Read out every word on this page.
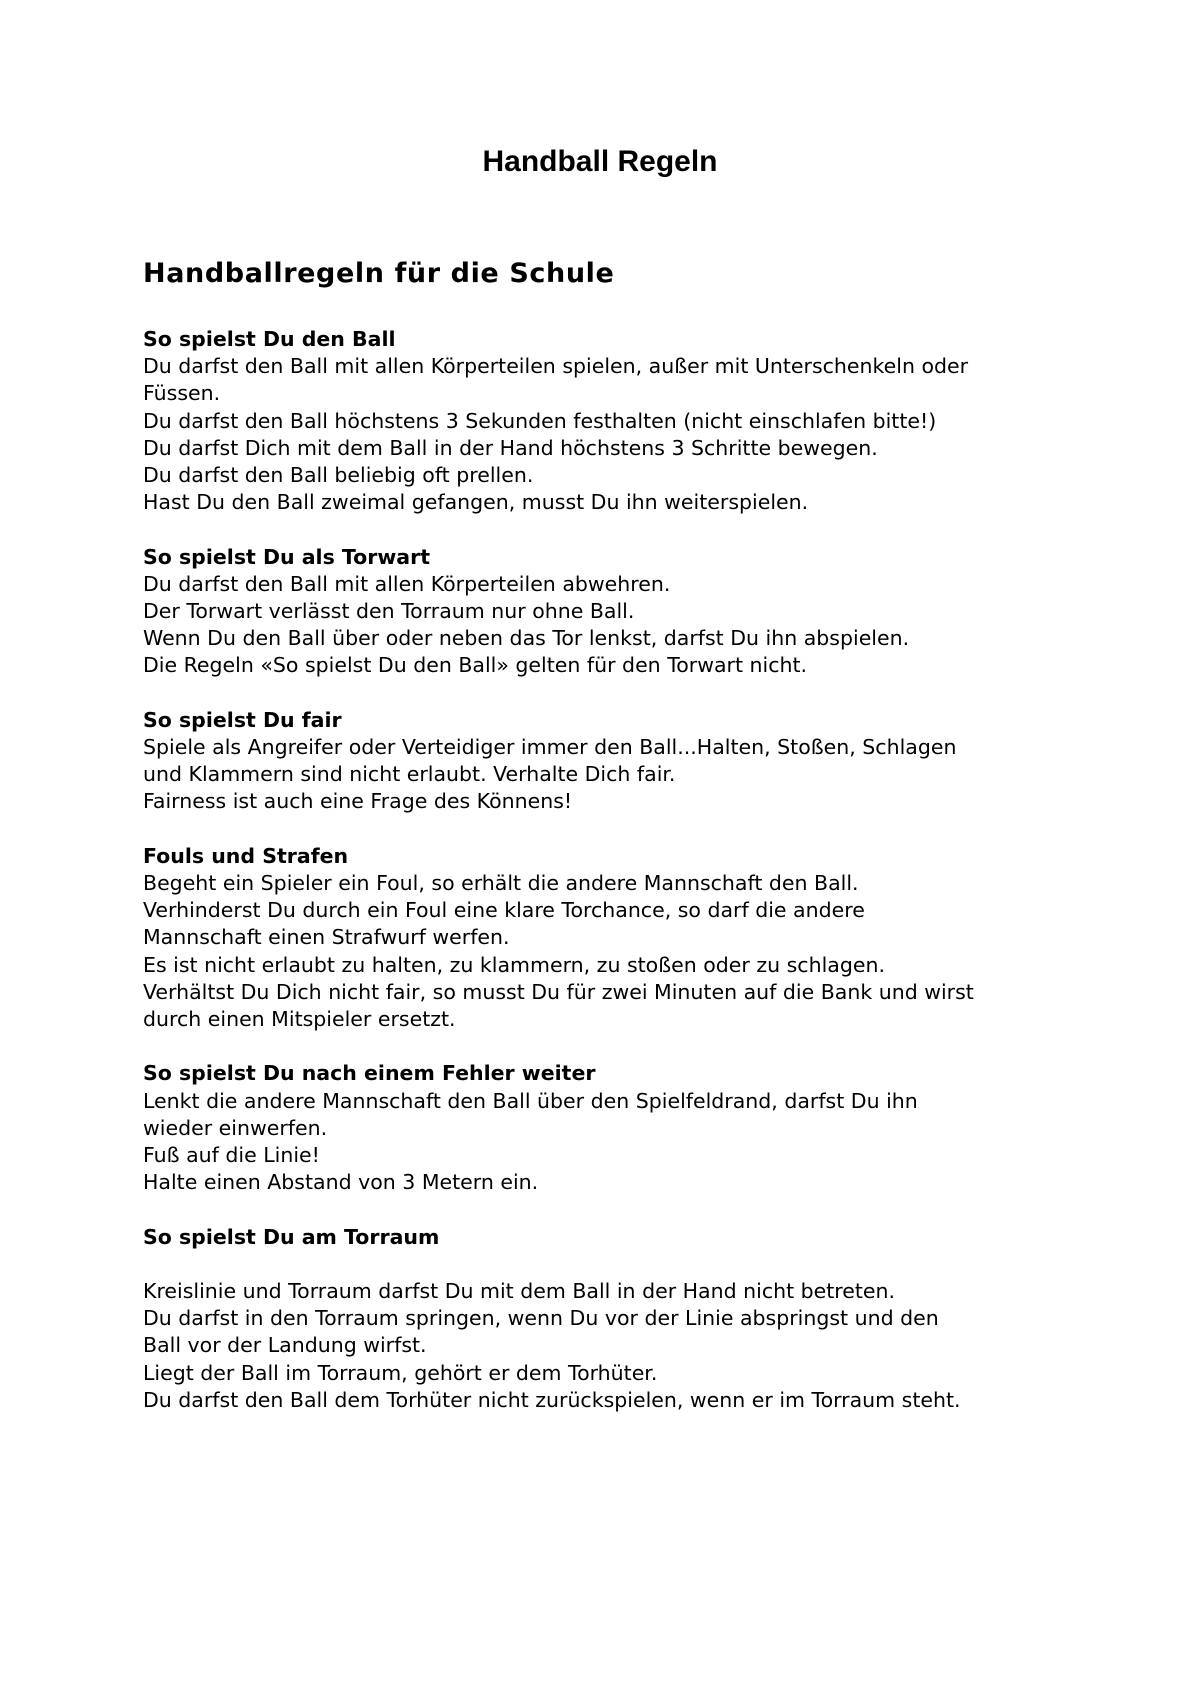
Handball Regeln
Handballregeln für die Schule

So spielst Du den Ball

Du darfst den Ball mit allen Körperteilen spielen, außer mit Unterschenkeln oder
Füssen.
Du darfst den Ball höchstens 3 Sekunden festhalten (nicht einschlafen bitte!)
Du darfst Dich mit dem Ball in der Hand höchstens 3 Schritte bewegen.
Du darfst den Ball beliebig oft prellen.
Hast Du den Ball zweimal gefangen, musst Du ihn weiterspielen.

So spielst Du als Torwart

Du darfst den Ball mit allen Körperteilen abwehren.
Der Torwart verlässt den Torraum nur ohne Ball.
Wenn Du den Ball über oder neben das Tor lenkst, darfst Du ihn abspielen.
Die Regeln «So spielst Du den Ball» gelten für den Torwart nicht.

So spielst Du fair

Spiele als Angreifer oder Verteidiger immer den Ball...Halten, Stoßen, Schlagen
und Klammern sind nicht erlaubt. Verhalte Dich fair.
Fairness ist auch eine Frage des Könnens!

Fouls und Strafen

Begeht ein Spieler ein Foul, so erhält die andere Mannschaft den Ball.
Verhinderst Du durch ein Foul eine klare Torchance, so darf die andere
Mannschaft einen Strafwurf werfen.
Es ist nicht erlaubt zu halten, zu klammern, zu stoßen oder zu schlagen.
Verhältst Du Dich nicht fair, so musst Du für zwei Minuten auf die Bank und wirst
durch einen Mitspieler ersetzt.

So spielst Du nach einem Fehler weiter

Lenkt die andere Mannschaft den Ball über den Spielfeldrand, darfst Du ihn
wieder einwerfen.
Fuß auf die Linie!
Halte einen Abstand von 3 Metern ein.

So spielst Du am Torraum

Kreislinie und Torraum darfst Du mit dem Ball in der Hand nicht betreten.
Du darfst in den Torraum springen, wenn Du vor der Linie abspringst und den
Ball vor der Landung wirfst.
Liegt der Ball im Torraum, gehört er dem Torhüter.
Du darfst den Ball dem Torhüter nicht zurückspielen, wenn er im Torraum steht.
